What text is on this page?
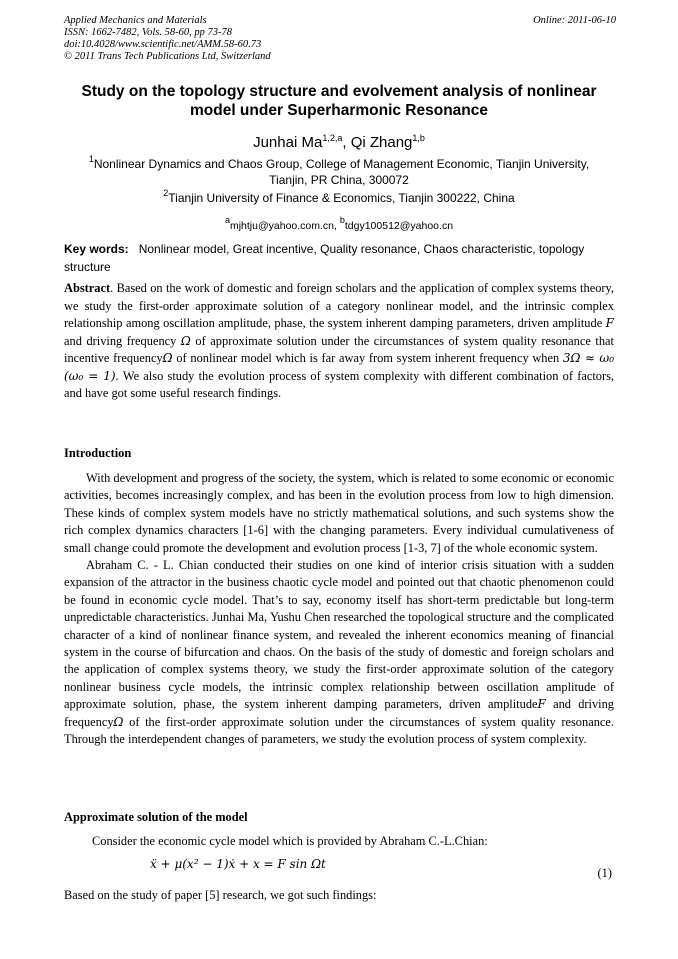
Applied Mechanics and Materials
ISSN: 1662-7482, Vols. 58-60, pp 73-78
doi:10.4028/www.scientific.net/AMM.58-60.73
© 2011 Trans Tech Publications Ltd, Switzerland
Online: 2011-06-10
Study on the topology structure and evolvement analysis of nonlinear
model under Superharmonic Resonance
Junhai Ma$^{1,2,a}$, Qi Zhang$^{1,b}$
$^1$Nonlinear Dynamics and Chaos Group, College of Management Economic, Tianjin University,
Tianjin, PR China, 300072
$^2$Tianjin University of Finance & Economics, Tianjin 300222, China
$^a$mjhtju@yahoo.com.cn, $^b$tdgy100512@yahoo.cn
Key words: Nonlinear model, Great incentive, Quality resonance, Chaos characteristic, topology structure
Abstract. Based on the work of domestic and foreign scholars and the application of complex systems theory, we study the first-order approximate solution of a category nonlinear model, and the intrinsic complex relationship among oscillation amplitude, phase, the system inherent damping parameters, driven amplitude F and driving frequency Ω of approximate solution under the circumstances of system quality resonance that incentive frequencyΩ of nonlinear model which is far away from system inherent frequency when 3Ω ≈ ω₀ (ω₀ = 1). We also study the evolution process of system complexity with different combination of factors, and have got some useful research findings.
Introduction

With development and progress of the society, the system, which is related to some economic or economic activities, becomes increasingly complex, and has been in the evolution process from low to high dimension. These kinds of complex system models have no strictly mathematical solutions, and such systems show the rich complex dynamics characters [1-6] with the changing parameters. Every individual cumulativeness of small change could promote the development and evolution process [1-3, 7] of the whole economic system.

Abraham C. - L. Chian conducted their studies on one kind of interior crisis situation with a sudden expansion of the attractor in the business chaotic cycle model and pointed out that chaotic phenomenon could be found in economic cycle model. That’s to say, economy itself has short-term predictable but long-term unpredictable characteristics. Junhai Ma, Yushu Chen researched the topological structure and the complicated character of a kind of nonlinear finance system, and revealed the inherent economics meaning of financial system in the course of bifurcation and chaos. On the basis of the study of domestic and foreign scholars and the application of complex systems theory, we study the first-order approximate solution of the category nonlinear business cycle models, the intrinsic complex relationship between oscillation amplitude of approximate solution, phase, the system inherent damping parameters, driven amplitudeF and driving frequencyΩ of the first-order approximate solution under the circumstances of system quality resonance. Through the interdependent changes of parameters, we study the evolution process of system complexity.

Approximate solution of the model
Consider the economic cycle model which is provided by Abraham C.-L.Chian:
ẍ + μ(x² − 1)ẋ + x = F sin Ωt
(1)
Based on the study of paper [5] research, we got such findings:
